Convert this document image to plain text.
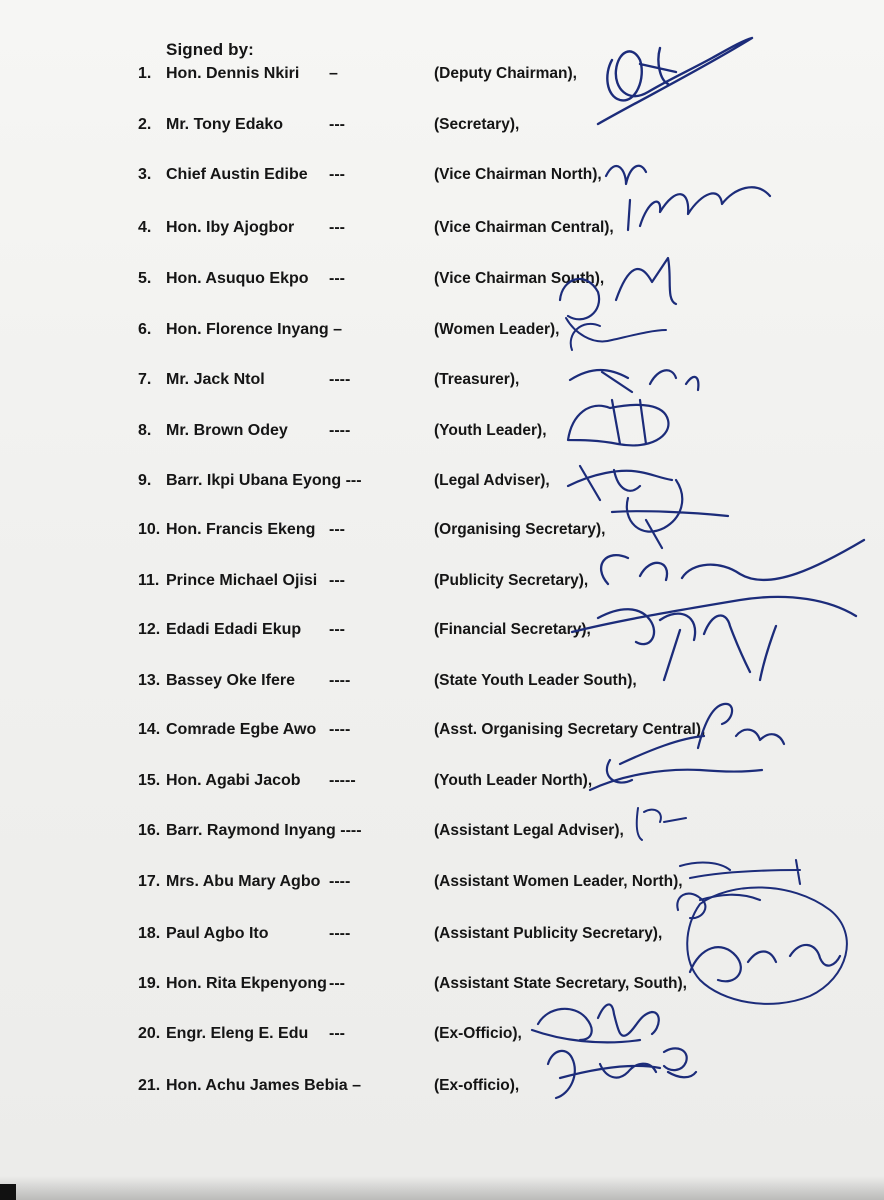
Signed by:
1. Hon. Dennis Nkiri –	(Deputy Chairman),
2. Mr. Tony Edako	---	(Secretary),
3. Chief Austin Edibe ---	(Vice Chairman North),
4. Hon. Iby Ajogbor ---	(Vice Chairman Central),
5. Hon. Asuquo Ekpo ---	(Vice Chairman South),
6. Hon. Florence Inyang –	(Women Leader),
7. Mr. Jack Ntol	----	(Treasurer),
8. Mr. Brown Odey	----	(Youth Leader),
9. Barr. Ikpi Ubana Eyong ---	(Legal Adviser),
10. Hon. Francis Ekeng ---	(Organising Secretary),
11. Prince Michael Ojisi ---	(Publicity Secretary),
12. Edadi Edadi Ekup ---	(Financial Secretary),
13. Bassey Oke Ifere ----	(State Youth Leader South),
14. Comrade Egbe Awo ----	(Asst. Organising Secretary Central),
15. Hon. Agabi Jacob -----	(Youth Leader North),
16. Barr. Raymond Inyang ----	(Assistant Legal Adviser),
17. Mrs. Abu Mary Agbo ----	(Assistant Women Leader, North),
18. Paul Agbo Ito	----	(Assistant Publicity Secretary),
19. Hon. Rita Ekpenyong ---	(Assistant State Secretary, South),
20. Engr. Eleng E. Edu ---	(Ex-Officio),
21. Hon. Achu James Bebia –	(Ex-officio),
